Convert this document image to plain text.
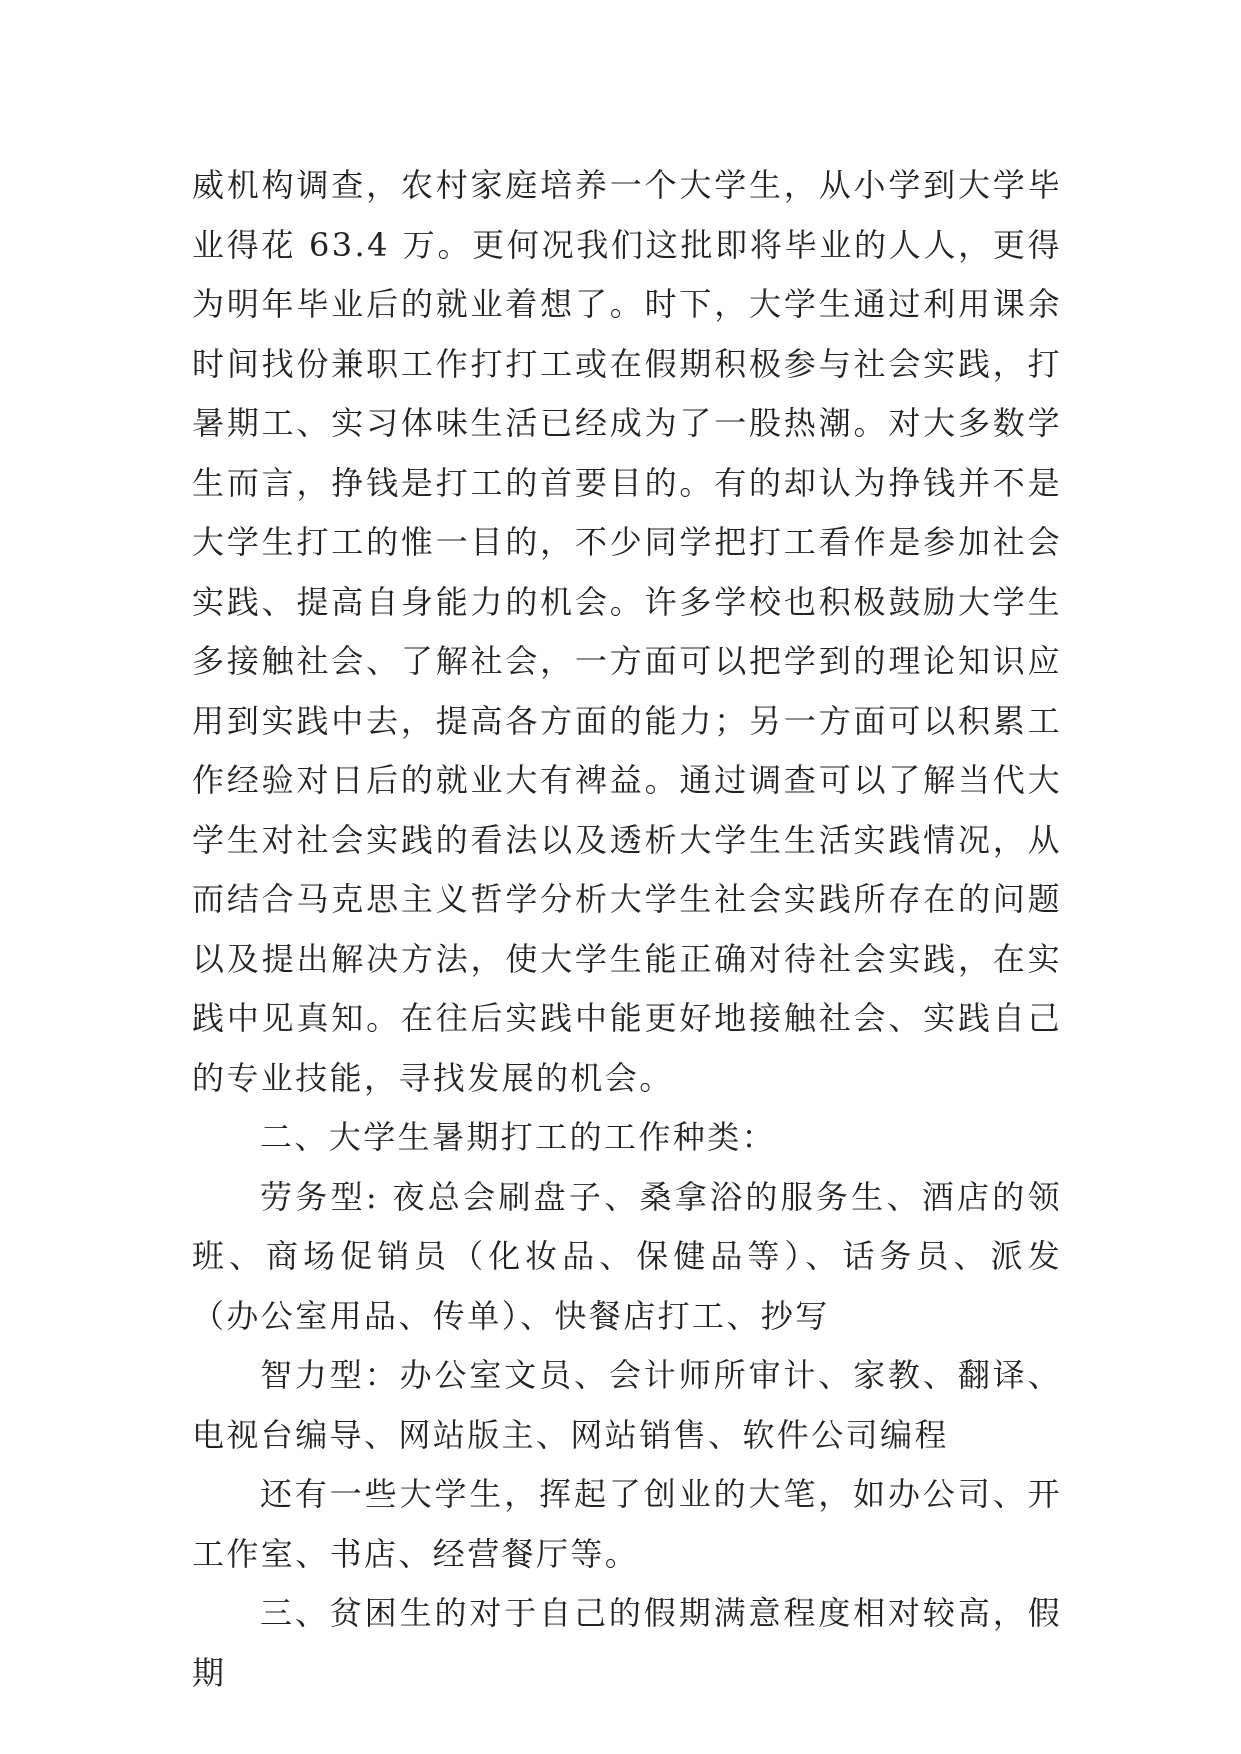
威机构调查，农村家庭培养一个大学生，从小学到大学毕业得花 63.4 万。更何况我们这批即将毕业的人人，更得为明年毕业后的就业着想了。时下，大学生通过利用课余时间找份兼职工作打打工或在假期积极参与社会实践，打暑期工、实习体味生活已经成为了一股热潮。对大多数学生而言，挣钱是打工的首要目的。有的却认为挣钱并不是大学生打工的惟一目的，不少同学把打工看作是参加社会实践、提高自身能力的机会。许多学校也积极鼓励大学生多接触社会、了解社会，一方面可以把学到的理论知识应用到实践中去，提高各方面的能力；另一方面可以积累工作经验对日后的就业大有裨益。通过调查可以了解当代大学生对社会实践的看法以及透析大学生生活实践情况，从而结合马克思主义哲学分析大学生社会实践所存在的问题以及提出解决方法，使大学生能正确对待社会实践，在实践中见真知。在往后实践中能更好地接触社会、实践自己的专业技能，寻找发展的机会。

二、大学生暑期打工的工作种类：

劳务型: 夜总会刷盘子、桑拿浴的服务生、酒店的领班、商场促销员（化妆品、保健品等）、话务员、派发（办公室用品、传单）、快餐店打工、抄写

智力型：办公室文员、会计师所审计、家教、翻译、电视台编导、网站版主、网站销售、软件公司编程

还有一些大学生，挥起了创业的大笔，如办公司、开工作室、书店、经营餐厅等。

三、贫困生的对于自己的假期满意程度相对较高，假期
